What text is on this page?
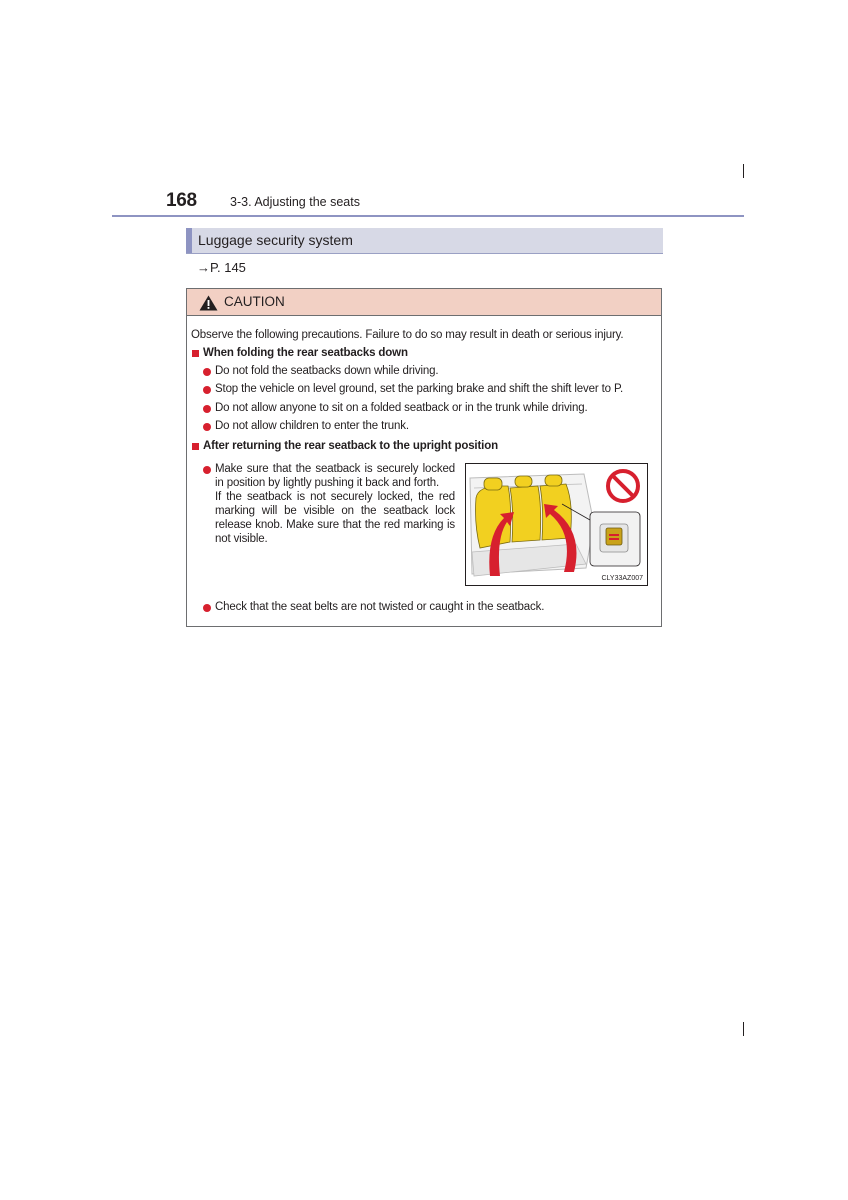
168	3-3. Adjusting the seats
Luggage security system
→P. 145
CAUTION
Observe the following precautions. Failure to do so may result in death or serious injury.
When folding the rear seatbacks down
Do not fold the seatbacks down while driving.
Stop the vehicle on level ground, set the parking brake and shift the shift lever to P.
Do not allow anyone to sit on a folded seatback or in the trunk while driving.
Do not allow children to enter the trunk.
After returning the rear seatback to the upright position

Make sure that the seatback is securely locked in position by lightly pushing it back and forth.

If the seatback is not securely locked, the red marking will be visible on the seatback lock release knob. Make sure that the red marking is not visible.

CLY33AZ007
Check that the seat belts are not twisted or caught in the seatback.
